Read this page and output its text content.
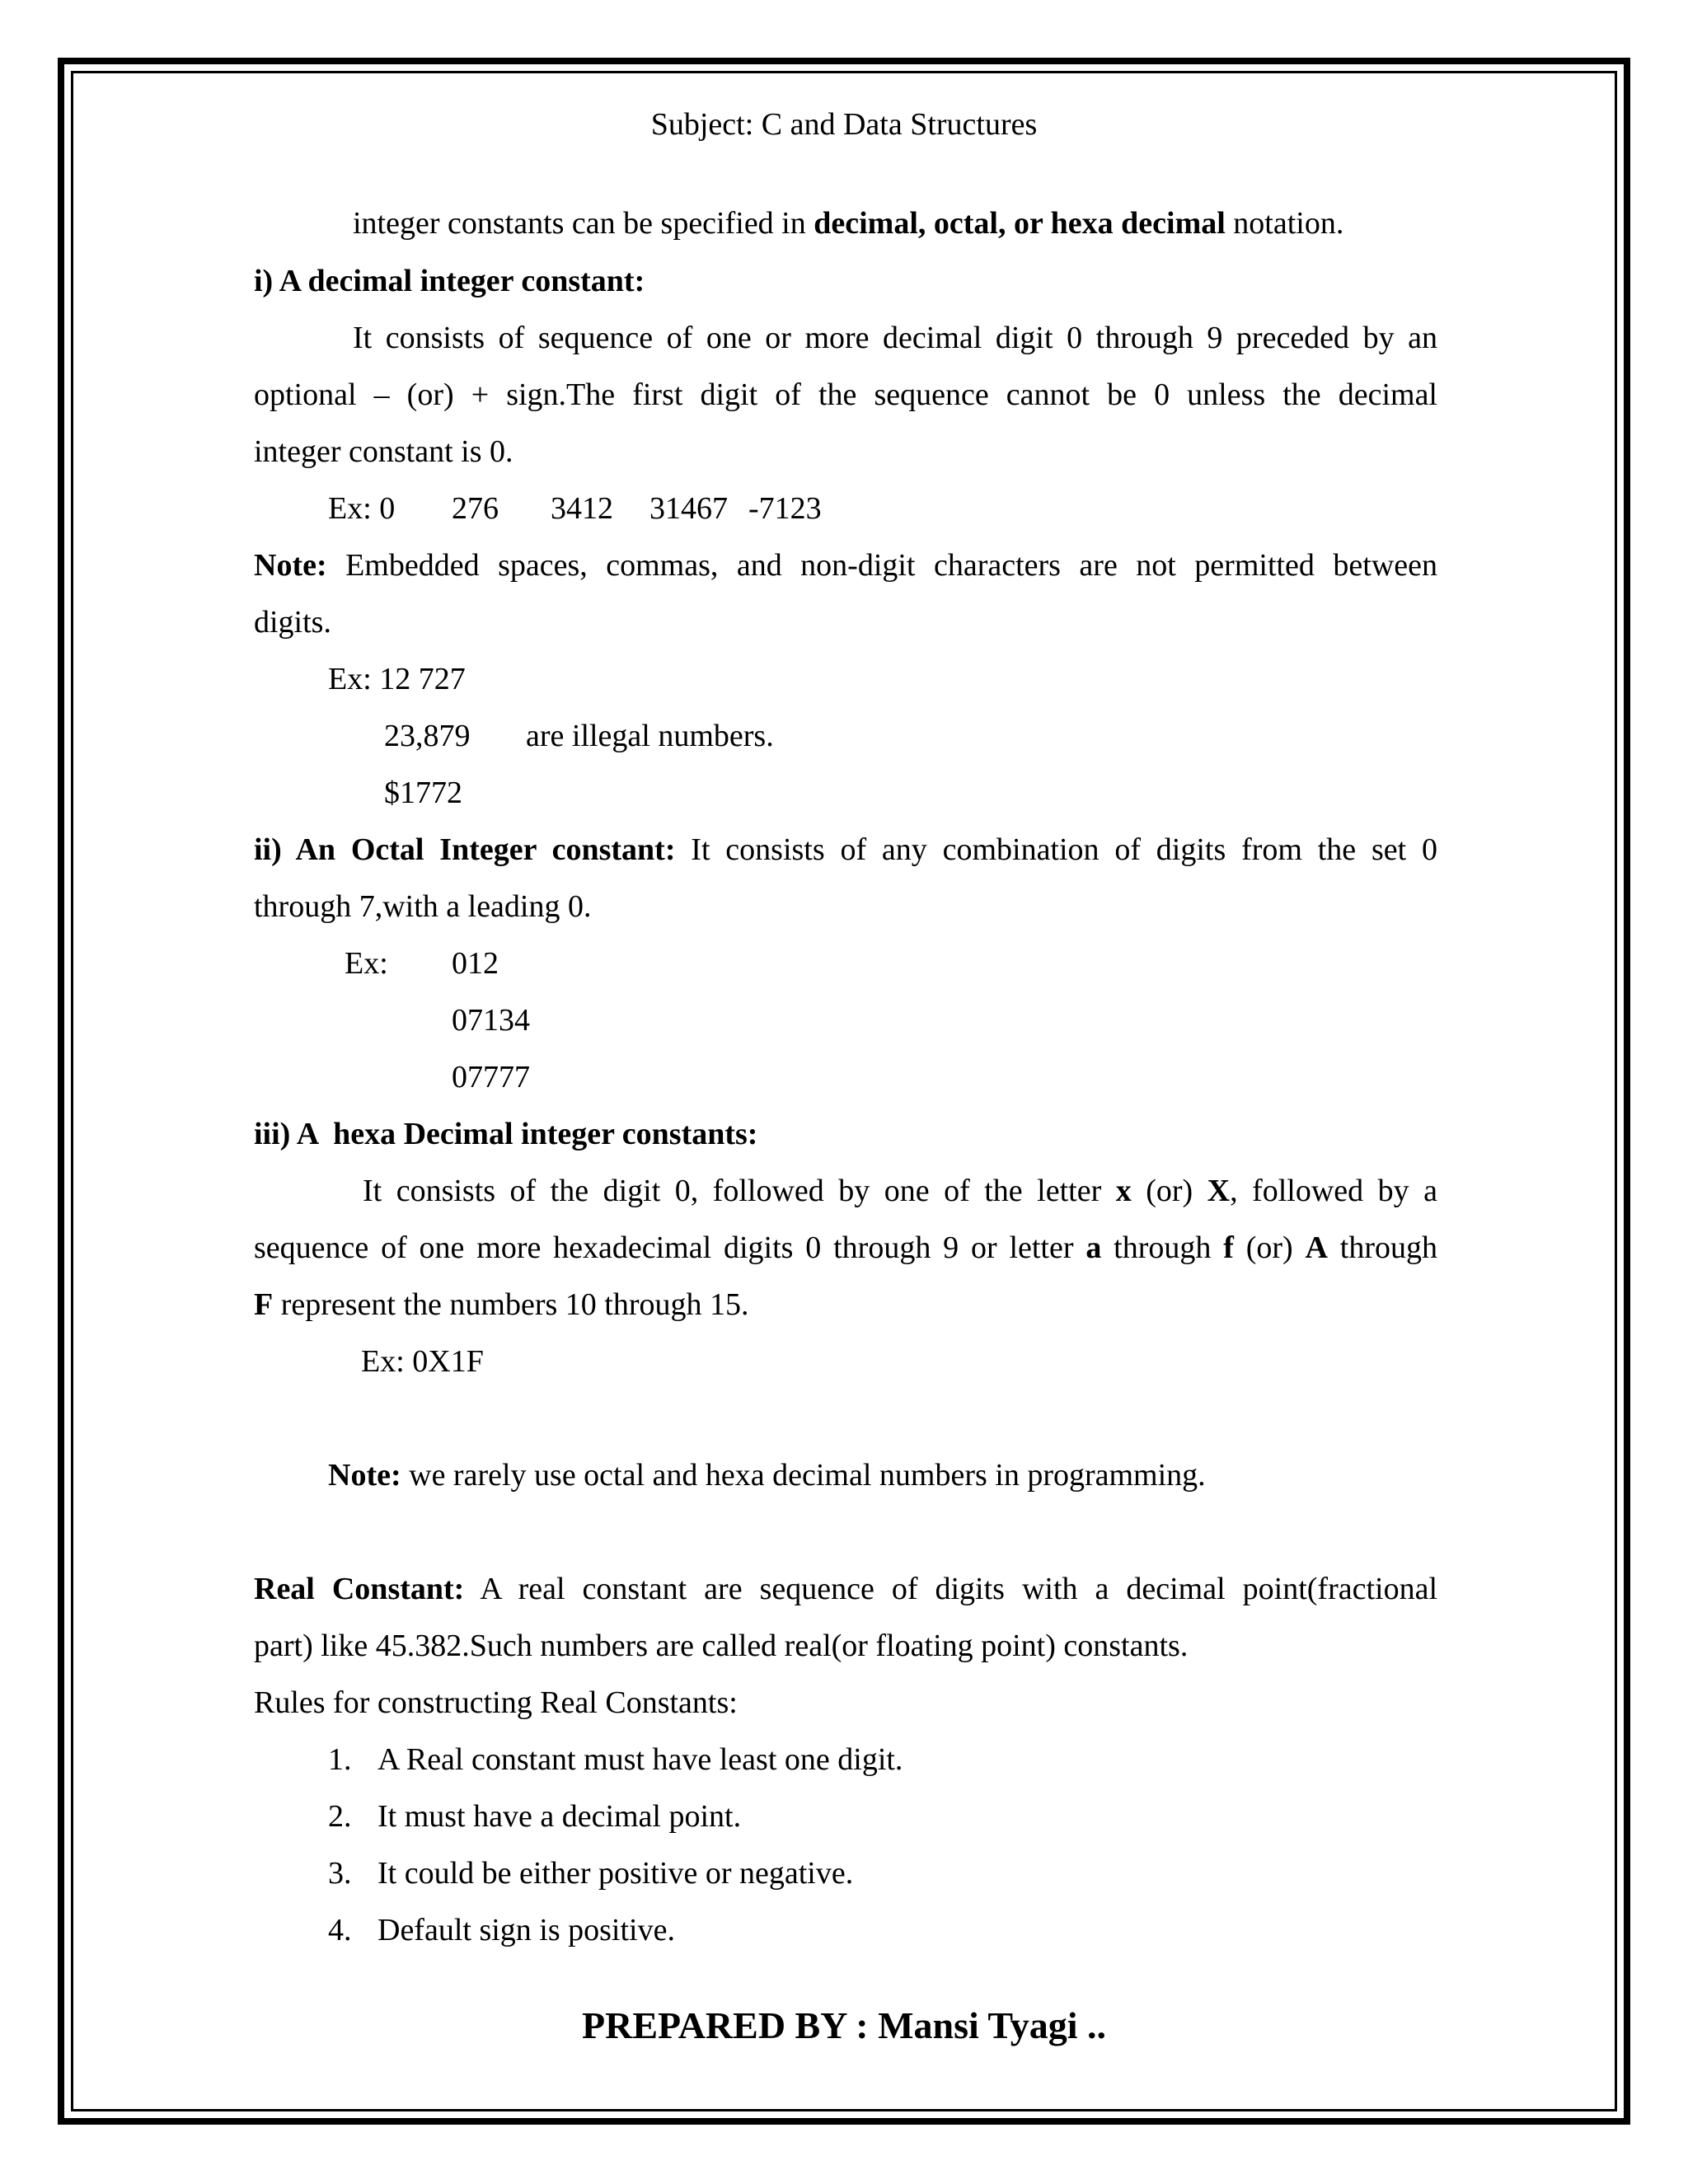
Subject: C and Data Structures
integer constants can be specified in decimal, octal, or hexa decimal notation.
i) A decimal integer constant:
It consists of sequence of one or more decimal digit 0 through 9 preceded by an
optional – (or) + sign.The first digit of the sequence cannot be 0 unless the decimal
integer constant is 0.
Ex: 0 276 3412 31467 -7123
Note: Embedded spaces, commas, and non-digit characters are not permitted between
digits.
Ex: 12 727
23,879 are illegal numbers.
$1772
ii) An Octal Integer constant: It consists of any combination of digits from the set 0
through 7,with a leading 0.
Ex: 012
07134
07777
iii) A  hexa Decimal integer constants:
It consists of the digit 0, followed by one of the letter x (or) X, followed by a
sequence of one more hexadecimal digits 0 through 9 or letter a through f (or) A through
F represent the numbers 10 through 15.
Ex: 0X1F
Note: we rarely use octal and hexa decimal numbers in programming.
Real Constant: A real constant are sequence of digits with a decimal point(fractional
part) like 45.382.Such numbers are called real(or floating point) constants.
Rules for constructing Real Constants:
1. A Real constant must have least one digit.
2. It must have a decimal point.
3. It could be either positive or negative.
4. Default sign is positive.
PREPARED BY : Mansi Tyagi ..
